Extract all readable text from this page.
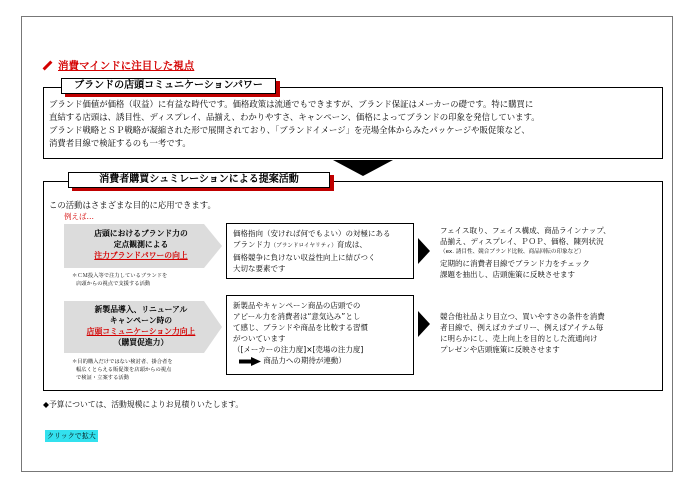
消費マインドに注目した視点
ブランドの店頭コミュニケーションパワー
ブランド価値が価格（収益）に有益な時代です。価格政策は流通でもできますが、ブランド保証はメーカーの礎です。特に購買に
直結する店頭は、誘目性、ディスプレイ、品揃え、わかりやすさ、キャンペーン、価格によってブランドの印象を発信しています。
ブランド戦略とＳＰ戦略が凝縮された形で展開されており、「ブランドイメージ」を売場全体からみたパッケージや販促策など、
消費者目線で検証するのも一考です。
消費者購買シュミレーションによる提案活動
この活動はさまざまな目的に応用できます。
例えば…
店頭におけるブランド力の
定点観測による
注力ブランドパワーの向上
＊ＣＭ投入等で注力しているブランドを
店頭からの視点で支援する活動
価格指向（安ければ何でもよい）の対極にある
ブランド力（ブランドロイヤリティ）育成は、
価格競争に負けない収益性向上に結びつく
大切な要素です
フェイス取り、フェイス構成、商品ラインナップ、
品揃え、ディスプレイ、ＰＯＰ、価格、陳列状況
（ex. 誘目性、競合ブランド比較、商品回転の印象など）
定期的に消費者目線でブランド力をチェック
課題を抽出し、店頭施策に反映させます
新製品導入、リニューアル
キャンペーン時の
店頭コミュニケーション力向上
（購買促進力）
＊目的購入だけではない検討者、掛合者を
幅広くとらえる販促策を店頭からの視点
で検証・立案する活動
新製品やキャンペーン商品の店頭での
アピール力を消費者は“意気込み”とし
て感じ、ブランドや商品を比較する習慣
がついています
（[メーカーの注力度]×[売場の注力度]
商品力への期待が連動）
競合他社品より目立つ、買いやすさの条件を消費
者目線で、例えばカテゴリー、例えばアイテム毎
に明らかにし、売上向上を目的とした流通向け
プレゼンや店頭施策に反映させます
◆予算については、活動規模によりお見積りいたします。
クリックで拡大
